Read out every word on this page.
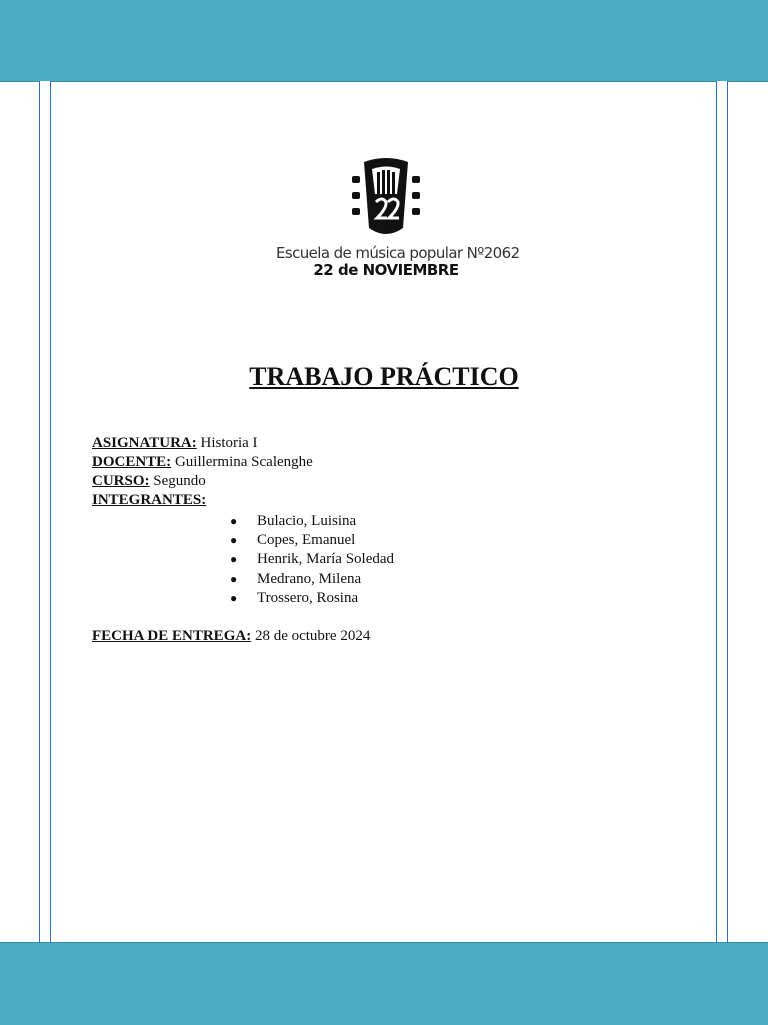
Escuela de música popular Nº2062
22 de NOVIEMBRE
TRABAJO PRÁCTICO
ASIGNATURA: Historia I
DOCENTE: Guillermina Scalenghe
CURSO: Segundo
INTEGRANTES:
● Bulacio, Luisina
● Copes, Emanuel
● Henrik, María Soledad
● Medrano, Milena
● Trossero, Rosina
FECHA DE ENTREGA: 28 de octubre 2024
